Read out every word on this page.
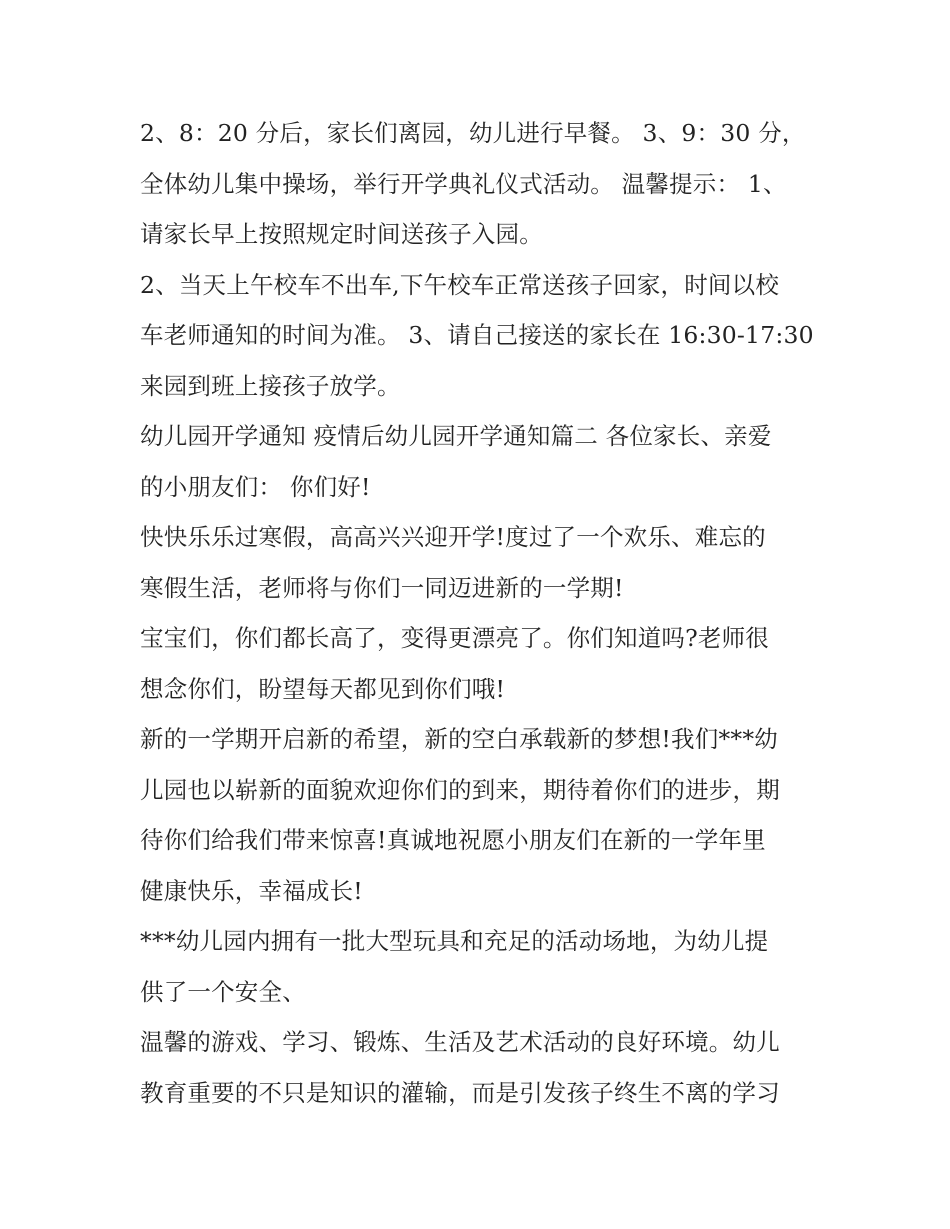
2、8：20 分后，家长们离园，幼儿进行早餐。 3、9：30 分，
全体幼儿集中操场，举行开学典礼仪式活动。 温馨提示： 1、
请家长早上按照规定时间送孩子入园。

2、当天上午校车不出车,下午校车正常送孩子回家，时间以校
车老师通知的时间为准。 3、请自己接送的家长在 16:30-17:30
来园到班上接孩子放学。

幼儿园开学通知 疫情后幼儿园开学通知篇二 各位家长、亲爱
的小朋友们： 你们好!

快快乐乐过寒假，高高兴兴迎开学!度过了一个欢乐、难忘的
寒假生活，老师将与你们一同迈进新的一学期!

宝宝们，你们都长高了，变得更漂亮了。你们知道吗?老师很
想念你们，盼望每天都见到你们哦!

新的一学期开启新的希望，新的空白承载新的梦想!我们***幼
儿园也以崭新的面貌欢迎你们的到来，期待着你们的进步，期
待你们给我们带来惊喜!真诚地祝愿小朋友们在新的一学年里
健康快乐，幸福成长!

***幼儿园内拥有一批大型玩具和充足的活动场地，为幼儿提
供了一个安全、

温馨的游戏、学习、锻炼、生活及艺术活动的良好环境。幼儿
教育重要的不只是知识的灌输，而是引发孩子终生不离的学习
